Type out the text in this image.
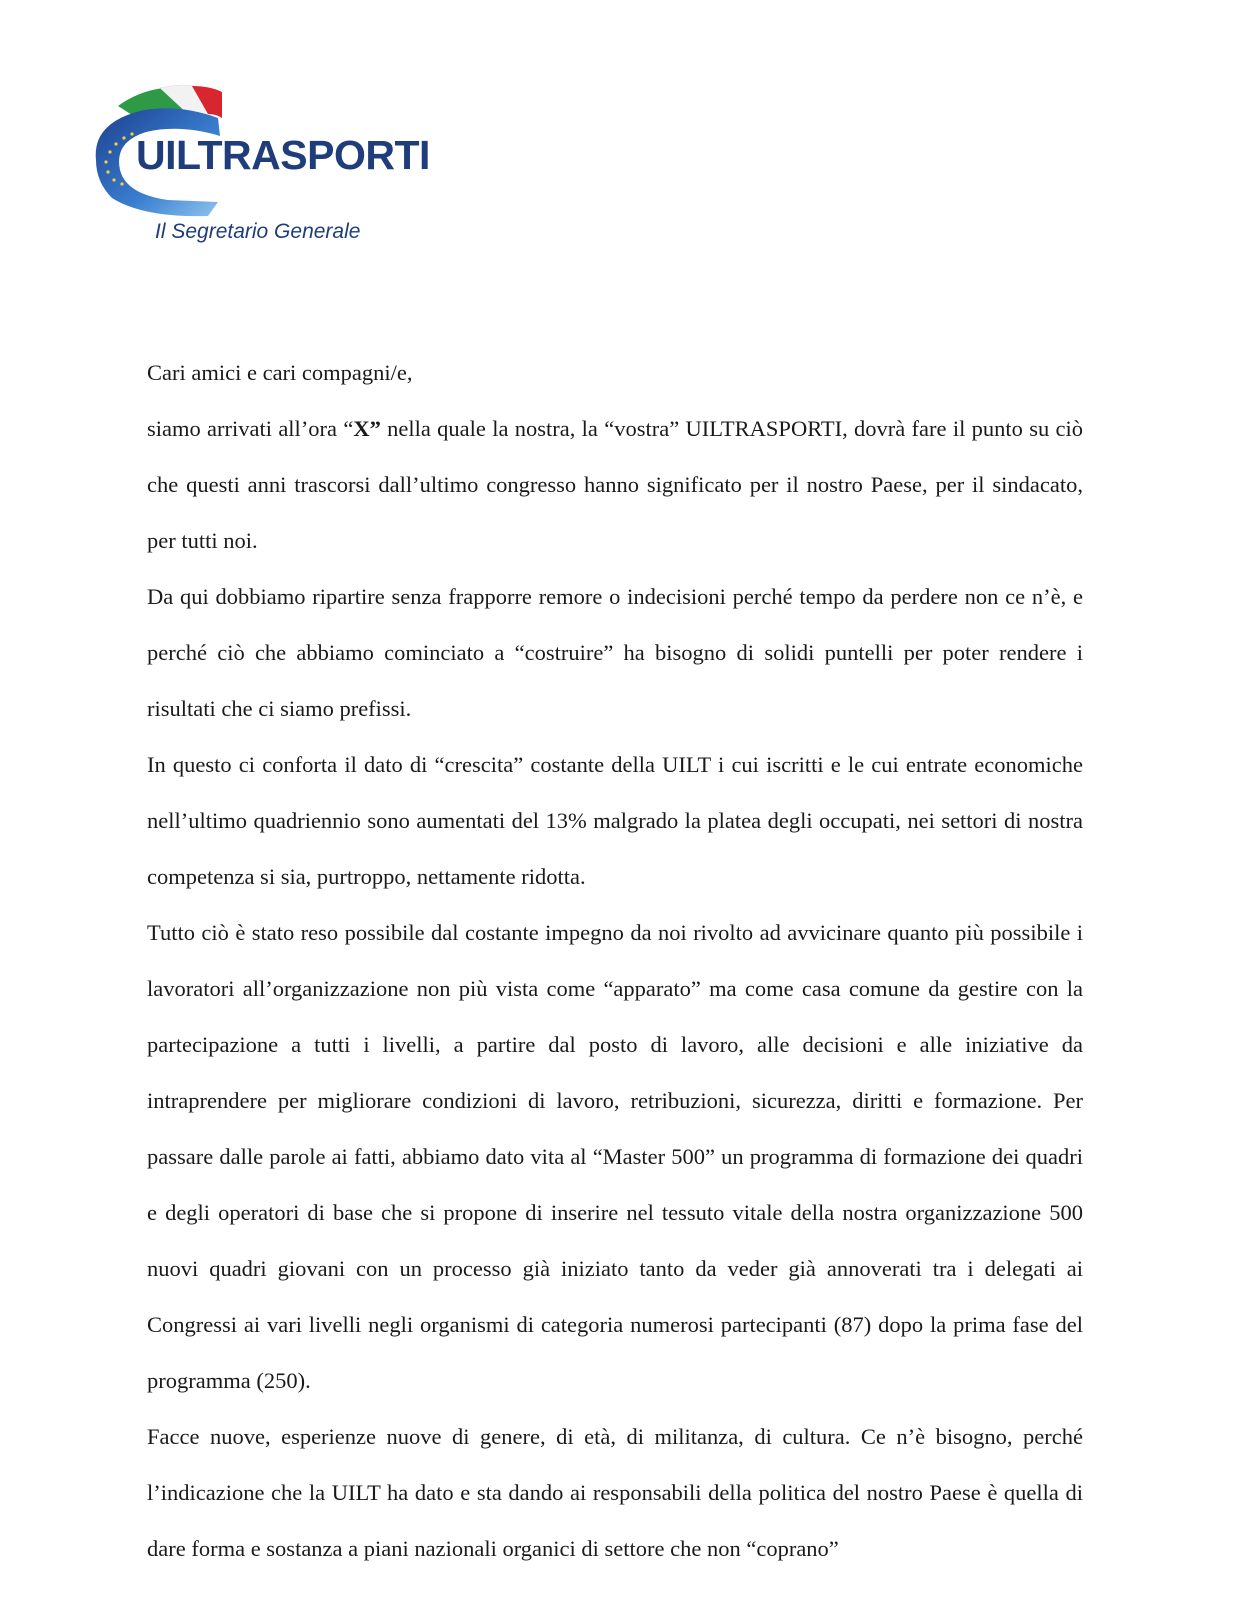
UILTRASPORTI
Il Segretario Generale

Cari amici e cari compagni/e,

siamo arrivati all’ora “X” nella quale la nostra, la “vostra” UILTRASPORTI, dovrà fare il punto su ciò che questi anni trascorsi dall’ultimo congresso hanno significato per il nostro Paese, per il sindacato, per tutti noi.

Da qui dobbiamo ripartire senza frapporre remore o indecisioni perché tempo da perdere non ce n’è, e perché ciò che abbiamo cominciato a “costruire” ha bisogno di solidi puntelli per poter rendere i risultati che ci siamo prefissi.

In questo ci conforta il dato di “crescita” costante della UILT i cui iscritti e le cui entrate economiche nell’ultimo quadriennio sono aumentati del 13% malgrado la platea degli occupati, nei settori di nostra competenza si sia, purtroppo, nettamente ridotta.

Tutto ciò è stato reso possibile dal costante impegno da noi rivolto ad avvicinare quanto più possibile i lavoratori all’organizzazione non più vista come “apparato” ma come casa comune da gestire con la partecipazione a tutti i livelli, a partire dal posto di lavoro, alle decisioni e alle iniziative da intraprendere per migliorare condizioni di lavoro, retribuzioni, sicurezza, diritti e formazione. Per passare dalle parole ai fatti, abbiamo dato vita al “Master 500” un programma di formazione dei quadri e degli operatori di base che si propone di inserire nel tessuto vitale della nostra organizzazione 500 nuovi quadri giovani con un processo già iniziato tanto da veder già annoverati tra i delegati ai Congressi ai vari livelli negli organismi di categoria numerosi partecipanti (87) dopo la prima fase del programma (250).

Facce nuove, esperienze nuove di genere, di età, di militanza, di cultura. Ce n’è bisogno, perché l’indicazione che la UILT ha dato e sta dando ai responsabili della politica del nostro Paese è quella di dare forma e sostanza a piani nazionali organici di settore che non “coprano”
